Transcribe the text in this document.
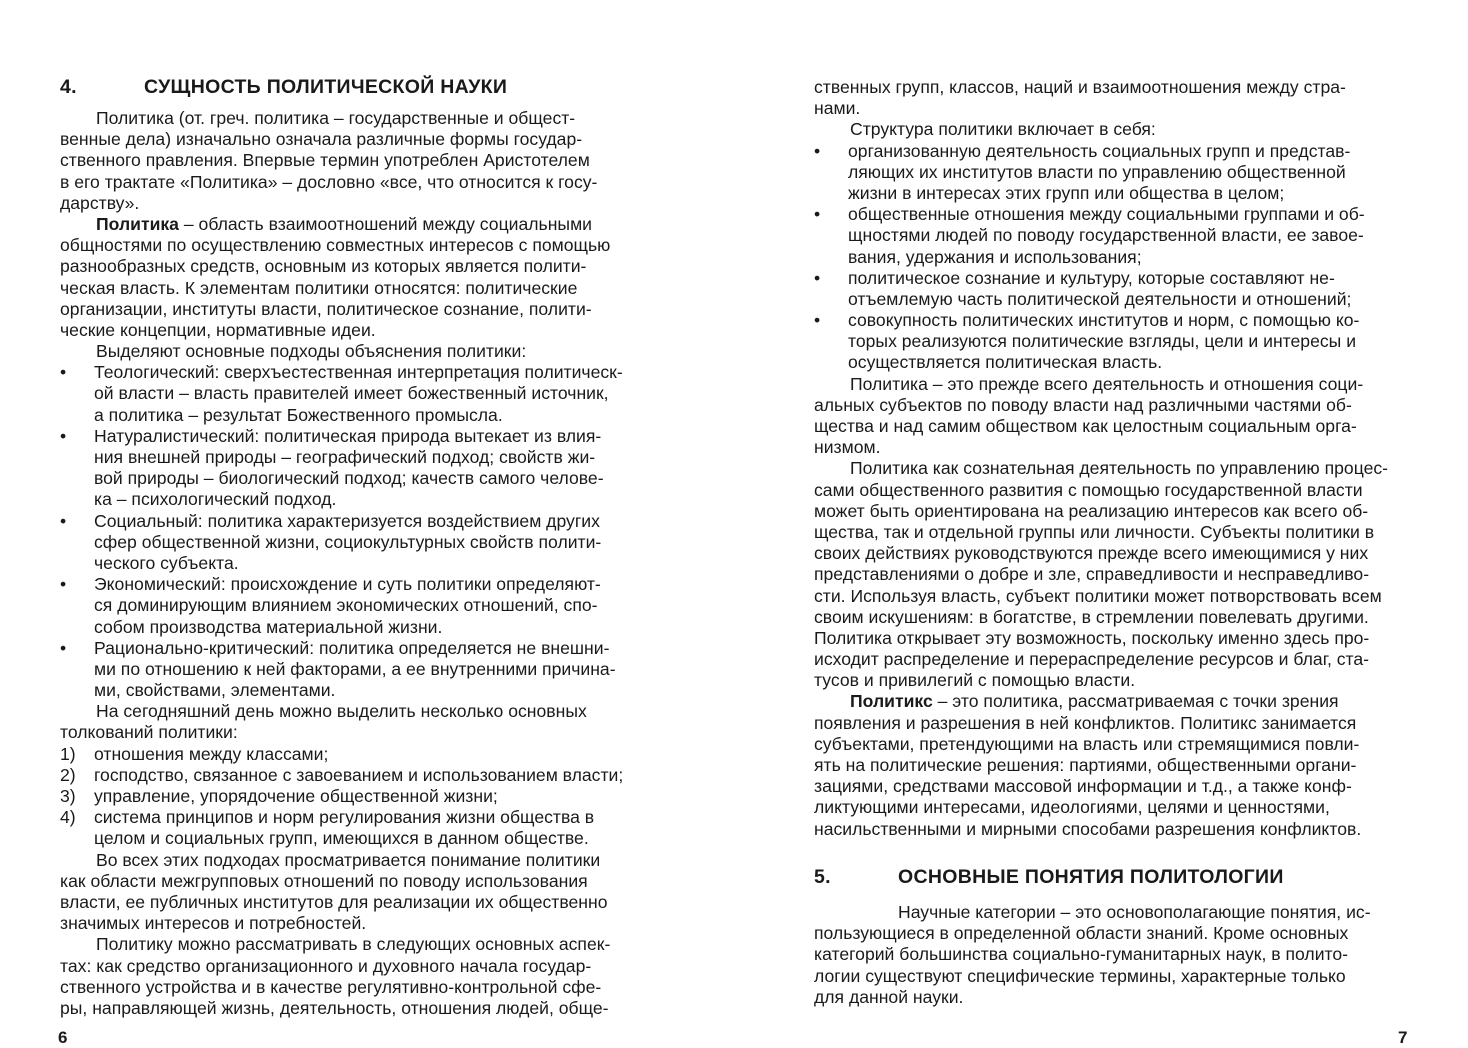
4.	СУЩНОСТЬ ПОЛИТИЧЕСКОЙ НАУКИ
Политика (от. греч. политика – государственные и общест-
венные дела) изначально означала различные формы государ-
ственного правления. Впервые термин употреблен Аристотелем
в его трактате «Политика» – дословно «все, что относится к госу-
дарству».
Политика – область взаимоотношений между социальными
общностями по осуществлению совместных интересов с помощью
разнообразных средств, основным из которых является полити-
ческая власть. К элементам политики относятся: политические
организации, институты власти, политическое сознание, полити-
ческие концепции, нормативные идеи.
Выделяют основные подходы объяснения политики:
• Теологический: сверхъестественная интерпретация политическ-
ой власти – власть правителей имеет божественный источник,
а политика – результат Божественного промысла.
• Натуралистический: политическая природа вытекает из влия-
ния внешней природы – географический подход; свойств жи-
вой природы – биологический подход; качеств самого челове-
ка – психологический подход.
• Социальный: политика характеризуется воздействием других
сфер общественной жизни, социокультурных свойств полити-
ческого субъекта.
• Экономический: происхождение и суть политики определяют-
ся доминирующим влиянием экономических отношений, спо-
собом производства материальной жизни.
• Рационально-критический: политика определяется не внешни-
ми по отношению к ней факторами, а ее внутренними причина-
ми, свойствами, элементами.
На сегодняшний день можно выделить несколько основных
толкований политики:
1) отношения между классами;
2) господство, связанное с завоеванием и использованием власти;
3) управление, упорядочение общественной жизни;
4) система принципов и норм регулирования жизни общества в
целом и социальных групп, имеющихся в данном обществе.
Во всех этих подходах просматривается понимание политики
как области межгрупповых отношений по поводу использования
власти, ее публичных институтов для реализации их общественно
значимых интересов и потребностей.
Политику можно рассматривать в следующих основных аспек-
тах: как средство организационного и духовного начала государ-
ственного устройства и в качестве регулятивно-контрольной сфе-
ры, направляющей жизнь, деятельность, отношения людей, обще-
6
ственных групп, классов, наций и взаимоотношения между стра-
нами.
Структура политики включает в себя:
• организованную деятельность социальных групп и представ-
ляющих их институтов власти по управлению общественной
жизни в интересах этих групп или общества в целом;
• общественные отношения между социальными группами и об-
щностями людей по поводу государственной власти, ее завое-
вания, удержания и использования;
• политическое сознание и культуру, которые составляют не-
отъемлемую часть политической деятельности и отношений;
• совокупность политических институтов и норм, с помощью ко-
торых реализуются политические взгляды, цели и интересы и
осуществляется политическая власть.
Политика – это прежде всего деятельность и отношения соци-
альных субъектов по поводу власти над различными частями об-
щества и над самим обществом как целостным социальным орга-
низмом.
Политика как сознательная деятельность по управлению процес-
сами общественного развития с помощью государственной власти
может быть ориентирована на реализацию интересов как всего об-
щества, так и отдельной группы или личности. Субъекты политики в
своих действиях руководствуются прежде всего имеющимися у них
представлениями о добре и зле, справедливости и несправедливо-
сти. Используя власть, субъект политики может потворствовать всем
своим искушениям: в богатстве, в стремлении повелевать другими.
Политика открывает эту возможность, поскольку именно здесь про-
исходит распределение и перераспределение ресурсов и благ, ста-
тусов и привилегий с помощью власти.
Политикс – это политика, рассматриваемая с точки зрения
появления и разрешения в ней конфликтов. Политикс занимается
субъектами, претендующими на власть или стремящимися повли-
ять на политические решения: партиями, общественными органи-
зациями, средствами массовой информации и т.д., а также конф-
ликтующими интересами, идеологиями, целями и ценностями,
насильственными и мирными способами разрешения конфликтов.
5.	ОСНОВНЫЕ ПОНЯТИЯ ПОЛИТОЛОГИИ
Научные категории – это основополагающие понятия, ис-
пользующиеся в определенной области знаний. Кроме основных
категорий большинства социально-гуманитарных наук, в полито-
логии существуют специфические термины, характерные только
для данной науки.
7
